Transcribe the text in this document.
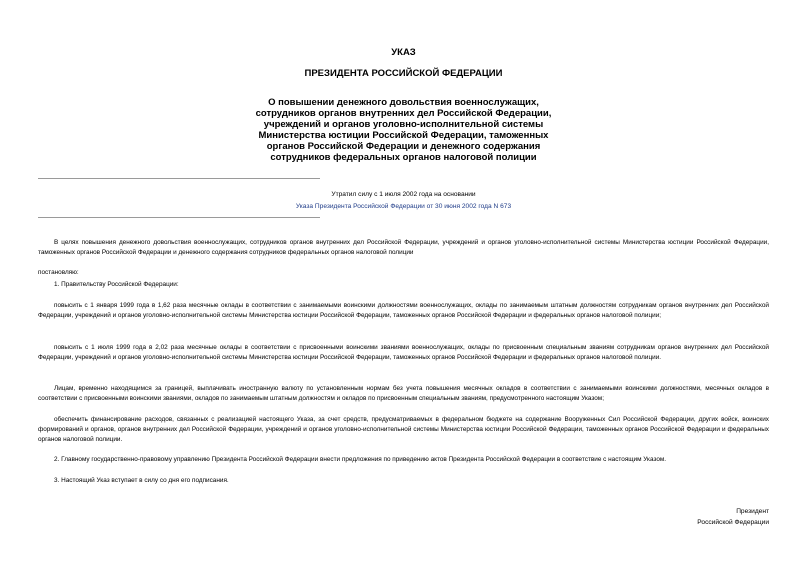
УКАЗ
ПРЕЗИДЕНТА РОССИЙСКОЙ ФЕДЕРАЦИИ
О повышении денежного довольствия военнослужащих,
сотрудников органов внутренних дел Российской Федерации,
учреждений и органов уголовно-исполнительной системы
Министерства юстиции Российской Федерации, таможенных
органов Российской Федерации и денежного содержания
сотрудников федеральных органов налоговой полиции
Утратил силу с 1 июля 2002 года на основании
Указа Президента Российской Федерации от 30 июня 2002 года N 673
В целях повышения денежного довольствия военнослужащих, сотрудников органов внутренних дел Российской Федерации, учреждений и органов уголовно-исполнительной системы Министерства юстиции Российской Федерации, таможенных органов Российской Федерации и денежного содержания сотрудников федеральных органов налоговой полиции
постановляю:
1. Правительству Российской Федерации:
повысить с 1 января 1999 года в 1,62 раза месячные оклады в соответствии с занимаемыми воинскими должностями военнослужащих, оклады по занимаемым штатным должностям сотрудникам органов внутренних дел Российской Федерации, учреждений и органов уголовно-исполнительной системы Министерства юстиции Российской Федерации, таможенных органов Российской Федерации и федеральных органов налоговой полиции;
повысить с 1 июля 1999 года в 2,02 раза месячные оклады в соответствии с присвоенными воинскими званиями военнослужащих, оклады по присвоенным специальным званиям сотрудникам органов внутренних дел Российской Федерации, учреждений и органов уголовно-исполнительной системы Министерства юстиции Российской Федерации, таможенных органов Российской Федерации и федеральных органов налоговой полиции.
Лицам, временно находящимся за границей, выплачивать иностранную валюту по установленным нормам без учета повышения месячных окладов в соответствии с занимаемыми воинскими должностями, месячных окладов в соответствии с присвоенными воинскими званиями, окладов по занимаемым штатным должностям и окладов по присвоенным специальным званиям, предусмотренного настоящим Указом;
обеспечить финансирование расходов, связанных с реализацией настоящего Указа, за счет средств, предусматриваемых в федеральном бюджете на содержание Вооруженных Сил Российской Федерации, других войск, воинских формирований и органов, органов внутренних дел Российской Федерации, учреждений и органов уголовно-исполнительной системы Министерства юстиции Российской Федерации, таможенных органов Российской Федерации и федеральных органов налоговой полиции.
2. Главному государственно-правовому управлению Президента Российской Федерации внести предложения по приведению актов Президента Российской Федерации в соответствие с настоящим Указом.
3. Настоящий Указ вступает в силу со дня его подписания.
Президент
Российской Федерации
